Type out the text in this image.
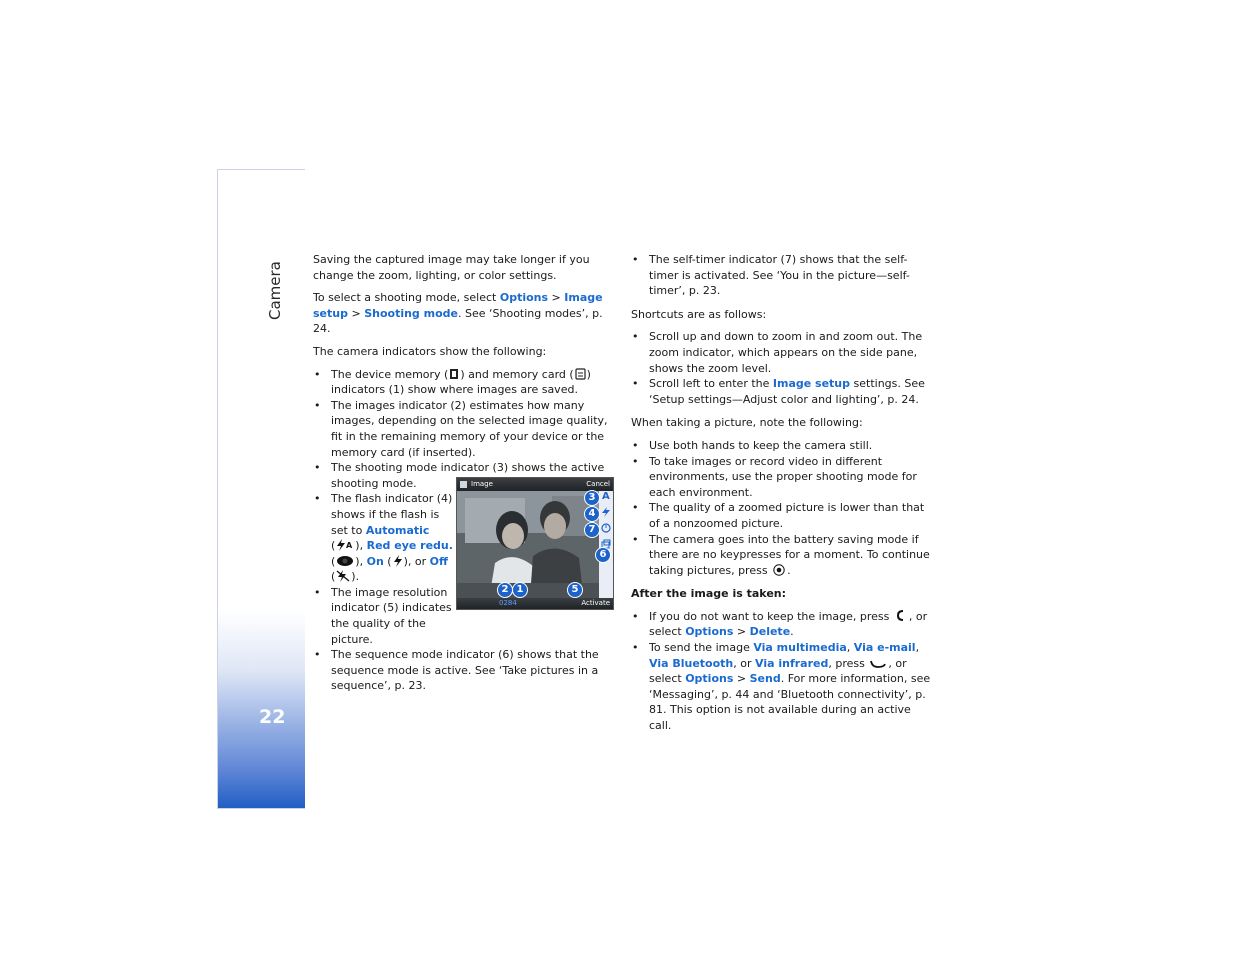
Camera
22

Saving the captured image may take longer if you change the zoom, lighting, or color settings.

To select a shooting mode, select Options > Image setup > Shooting mode. See ‘Shooting modes’, p. 24.

The camera indicators show the following:

• The device memory ( ) and memory card ( ) indicators (1) show where images are saved.
• The images indicator (2) estimates how many images, depending on the selected image quality, fit in the remaining memory of your device or the memory card (if inserted).
• The shooting mode indicator (3) shows the active shooting mode.
• The flash indicator (4) shows if the flash is set to Automatic
( A ), Red eye redu.
( ), On ( ), or Off
( ).
• The image resolution indicator (5) indicates the quality of the picture.
• The sequence mode indicator (6) shows that the sequence mode is active. See ‘Take pictures in a sequence’, p. 23.
Image	Cancel
A
0284	Activate
3
4
7
6
2 1	5
• The self-timer indicator (7) shows that the self-timer is activated. See ‘You in the picture—self-timer’, p. 23.

Shortcuts are as follows:

• Scroll up and down to zoom in and zoom out. The zoom indicator, which appears on the side pane, shows the zoom level.
• Scroll left to enter the Image setup settings. See ‘Setup settings—Adjust color and lighting’, p. 24.

When taking a picture, note the following:

• Use both hands to keep the camera still.
• To take images or record video in different environments, use the proper shooting mode for each environment.
• The quality of a zoomed picture is lower than that of a nonzoomed picture.
• The camera goes into the battery saving mode if there are no keypresses for a moment. To continue taking pictures, press .

After the image is taken:

• If you do not want to keep the image, press , or select Options > Delete.
• To send the image Via multimedia, Via e-mail, Via Bluetooth, or Via infrared, press , or select Options > Send. For more information, see ‘Messaging’, p. 44 and ‘Bluetooth connectivity’, p. 81. This option is not available during an active call.
